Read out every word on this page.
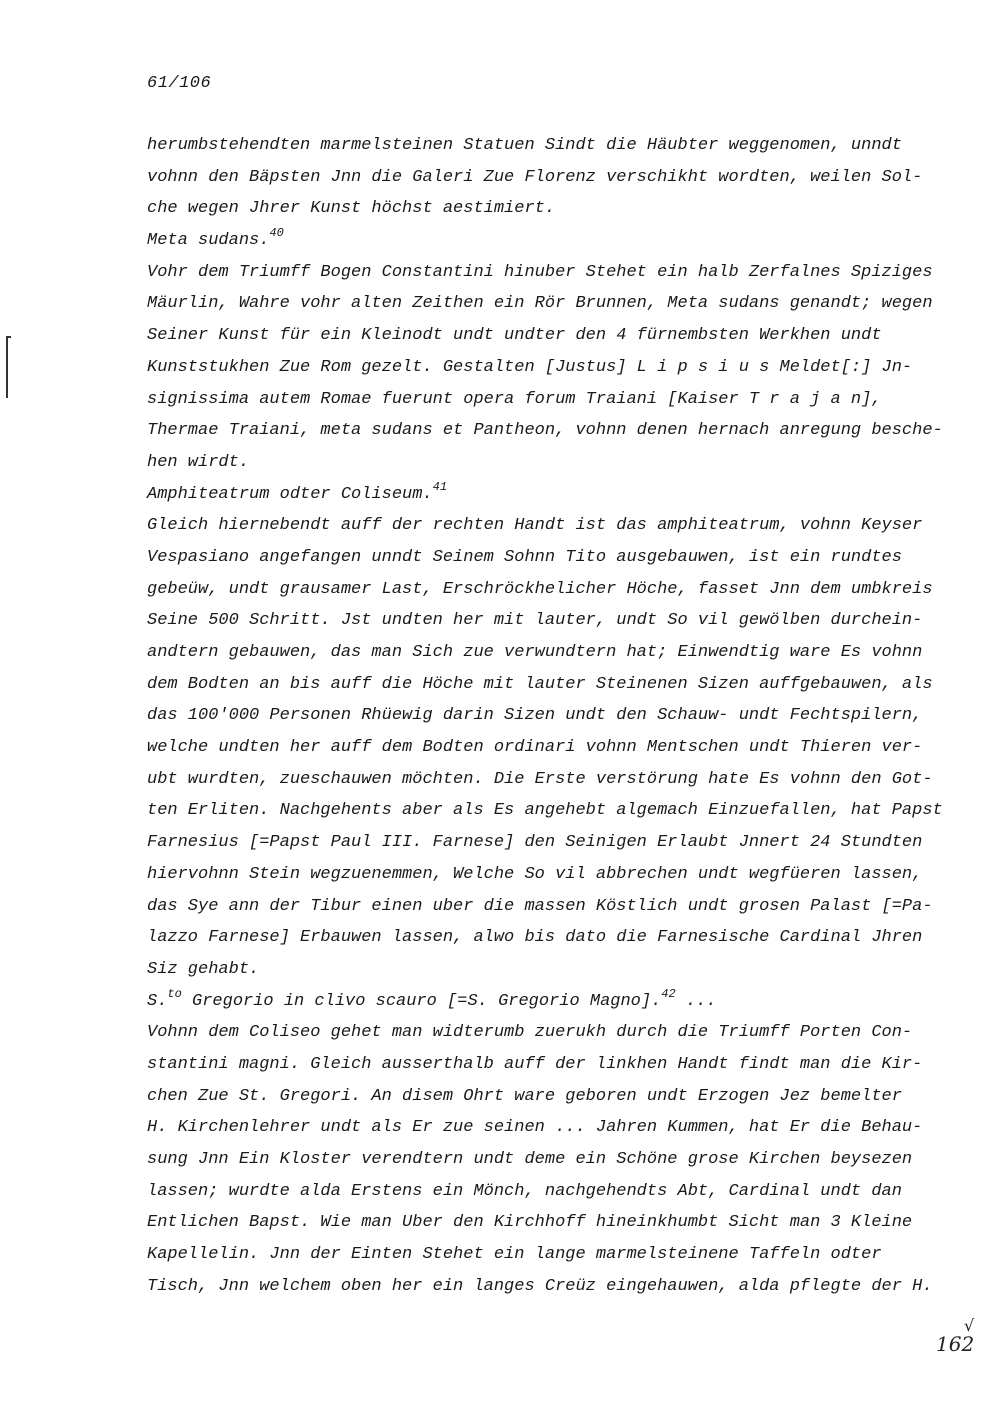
61/106
herumbstehendten marmelsteinen Statuen Sindt die Häubter weggenomen, unndt
vohnn den Bäpsten Jnn die Galeri Zue Florenz verschikht wordten, weilen Sol-
che wegen Jhrer Kunst höchst aestimiert.
Meta sudans.$^{40}$
Vohr dem Triumff Bogen Constantini hinuber Stehet ein halb Zerfalnes Spiziges
Mäurlin, Wahre vohr alten Zeithen ein Rör Brunnen, Meta sudans genandt; wegen
Seiner Kunst für ein Kleinodt undt undter den 4 fürnembsten Werkhen undt
Kunststukhen Zue Rom gezelt. Gestalten [Justus] L i p s i u s Meldet[:] Jn-
signissima autem Romae fuerunt opera forum Traiani [Kaiser T r a j a n],
Thermae Traiani, meta sudans et Pantheon, vohnn denen hernach anregung beschе-
hen wirdt.
Amphiteatrum odter Coliseum.$^{41}$
Gleich hiernebendt auff der rechten Handt ist das amphiteatrum, vohnn Keyser
Vespasiano angefangen unndt Seinem Sohnn Tito ausgebauwen, ist ein rundtes
gebeüw, undt grausamer Last, Erschröckhelicher Höche, fasset Jnn dem umbkreis
Seine 500 Schritt. Jst undten her mit lauter, undt So vil gewölben durchein-
andtern gebauwen, das man Sich zue verwundtern hat; Einwendtig ware Es vohnn
dem Bodten an bis auff die Höche mit lauter Steinenen Sizen auffgebauwen, als
das 100'000 Personen Rhüewig darin Sizen undt den Schauw- undt Fechtspilern,
welche undten her auff dem Bodten ordinari vohnn Mentschen undt Thieren ver-
ubt wurdten, zueschauwen möchten. Die Erste verstörung hate Es vohnn den Got-
ten Erliten. Nachgehents aber als Es angehebt algemach Einzuefallen, hat Papst
Farnesius [=Papst Paul III. Farnese] den Seinigen Erlaubt Jnnert 24 Stundten
hiervohnn Stein wegzuenemmen, Welche So vil abbrechen undt wegfüeren lassen,
das Sye ann der Tibur einen uber die massen Köstlich undt grosen Palast [=Pa-
lazzo Farnese] Erbauwen lassen, alwo bis dato die Farnesische Cardinal Jhren
Siz gehabt.
S.$^{to}$ Gregorio in clivo scauro [=S. Gregorio Magno].$^{42}$ ...
Vohnn dem Coliseo gehet man widterumb zuerukh durch die Triumff Porten Con-
stantini magni. Gleich ausserthalb auff der linkhen Handt findt man die Kir-
chen Zue St. Gregori. An disem Ohrt ware geboren undt Erzogen Jez bemelter
H. Kirchenlehrer undt als Er zue seinen ... Jahren Kummen, hat Er die Behau-
sung Jnn Ein Kloster verendtern undt deme ein Schöne grose Kirchen beysezen
lassen; wurdte alda Erstens ein Mönch, nachgehendts Abt, Cardinal undt dan
Entlichen Bapst. Wie man Uber den Kirchhoff hineinkhumbt Sicht man 3 Kleine
Kapellelin. Jnn der Einten Stehet ein lange marmelsteinene Taffeln odter
Tisch, Jnn welchem oben her ein langes Creüz eingehauwen, alda pflegte der H.
√
162
